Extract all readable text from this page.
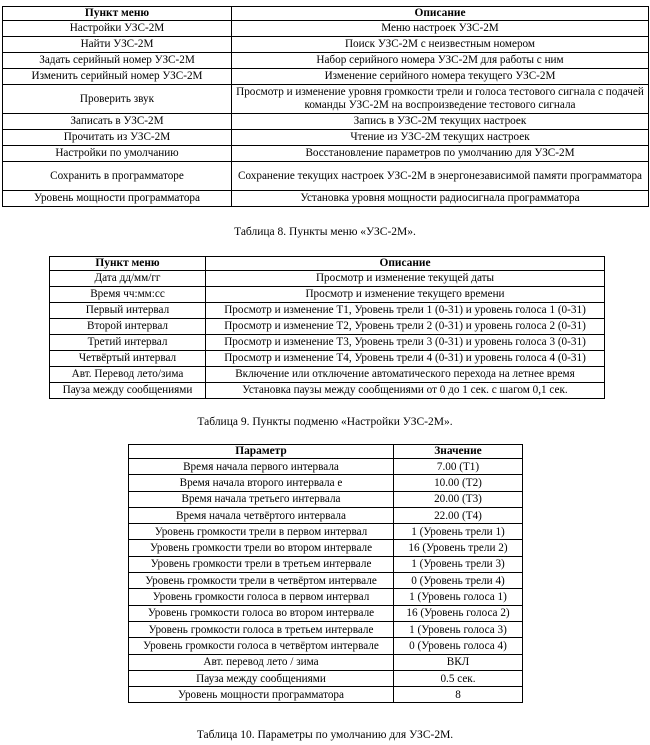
Пункт меню	Описание
Настройки УЗС-2М	Меню настроек УЗС-2М
Найти УЗС-2М	Поиск УЗС-2М с неизвестным номером
Задать серийный номер УЗС-2М	Набор серийного номера УЗС-2М для работы с ним
Изменить серийный номер УЗС-2М	Изменение серийного номера текущего УЗС-2М
Проверить звук	Просмотр и изменение уровня громкости трели и голоса тестового сигнала с подачей команды УЗС-2М на воспроизведение тестового сигнала
Записать в УЗС-2М	Запись в УЗС-2М текущих настроек
Прочитать из УЗС-2М	Чтение из УЗС-2М текущих настроек
Настройки по умолчанию	Восстановление параметров по умолчанию для УЗС-2М
Сохранить в программаторе	Сохранение текущих настроек УЗС-2М в энергонезависимой памяти программатора
Уровень мощности программатора	Установка уровня мощности радиосигнала программатора
Таблица 8. Пункты меню «УЗС-2М».
Пункт меню	Описание
Дата дд/мм/гг	Просмотр и изменение текущей даты
Время чч:мм:сс	Просмотр и изменение текущего времени
Первый интервал	Просмотр и изменение Т1, Уровень трели 1 (0-31) и уровень голоса 1 (0-31)
Второй интервал	Просмотр и изменение Т2, Уровень трели 2 (0-31) и уровень голоса 2 (0-31)
Третий интервал	Просмотр и изменение Т3, Уровень трели 3 (0-31) и уровень голоса 3 (0-31)
Четвёртый интервал	Просмотр и изменение Т4, Уровень трели 4 (0-31) и уровень голоса 4 (0-31)
Авт. Перевод лето/зима	Включение или отключение автоматического перехода на летнее время
Пауза между сообщениями	Установка паузы между сообщениями от 0 до 1 сек. с шагом 0,1 сек.
Таблица 9. Пункты подменю «Настройки УЗС-2М».
Параметр	Значение
Время начала первого интервала	7.00 (Т1)
Время начала второго интервала е	10.00 (Т2)
Время начала третьего интервала	20.00 (Т3)
Время начала четвёртого интервала	22.00 (Т4)
Уровень громкости трели в первом интервал	1 (Уровень трели 1)
Уровень громкости трели во втором интервале	16 (Уровень трели 2)
Уровень громкости трели в третьем интервале	1 (Уровень трели 3)
Уровень громкости трели в четвёртом интервале	0 (Уровень трели 4)
Уровень громкости голоса в первом интервал	1 (Уровень голоса 1)
Уровень громкости голоса во втором интервале	16 (Уровень голоса 2)
Уровень громкости голоса в третьем интервале	1 (Уровень голоса 3)
Уровень громкости голоса в четвёртом интервале	0 (Уровень голоса 4)
Авт. перевод лето / зима	ВКЛ
Пауза между сообщениями	0.5 сек.
Уровень мощности программатора	8
Таблица 10. Параметры по умолчанию для УЗС-2М.
